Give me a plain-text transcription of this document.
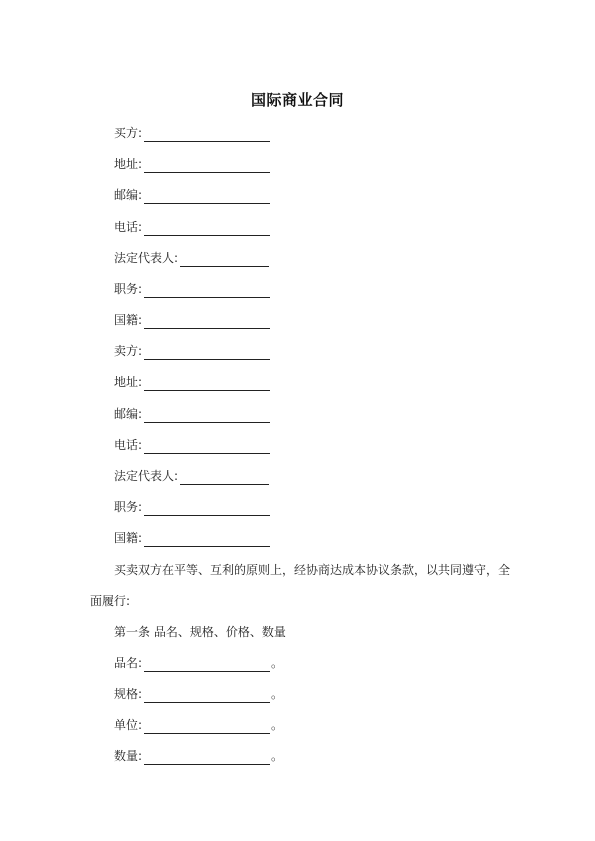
国际商业合同
买方:
地址:
邮编:
电话:
法定代表人:
职务:
国籍:
卖方:
地址:
邮编:
电话:
法定代表人:
职务:
国籍:
买卖双方在平等、互利的原则上，经协商达成本协议条款，以共同遵守，全
面履行:
第一条 品名、规格、价格、数量
品名:	。
规格:	。
单位:	。
数量:	。
